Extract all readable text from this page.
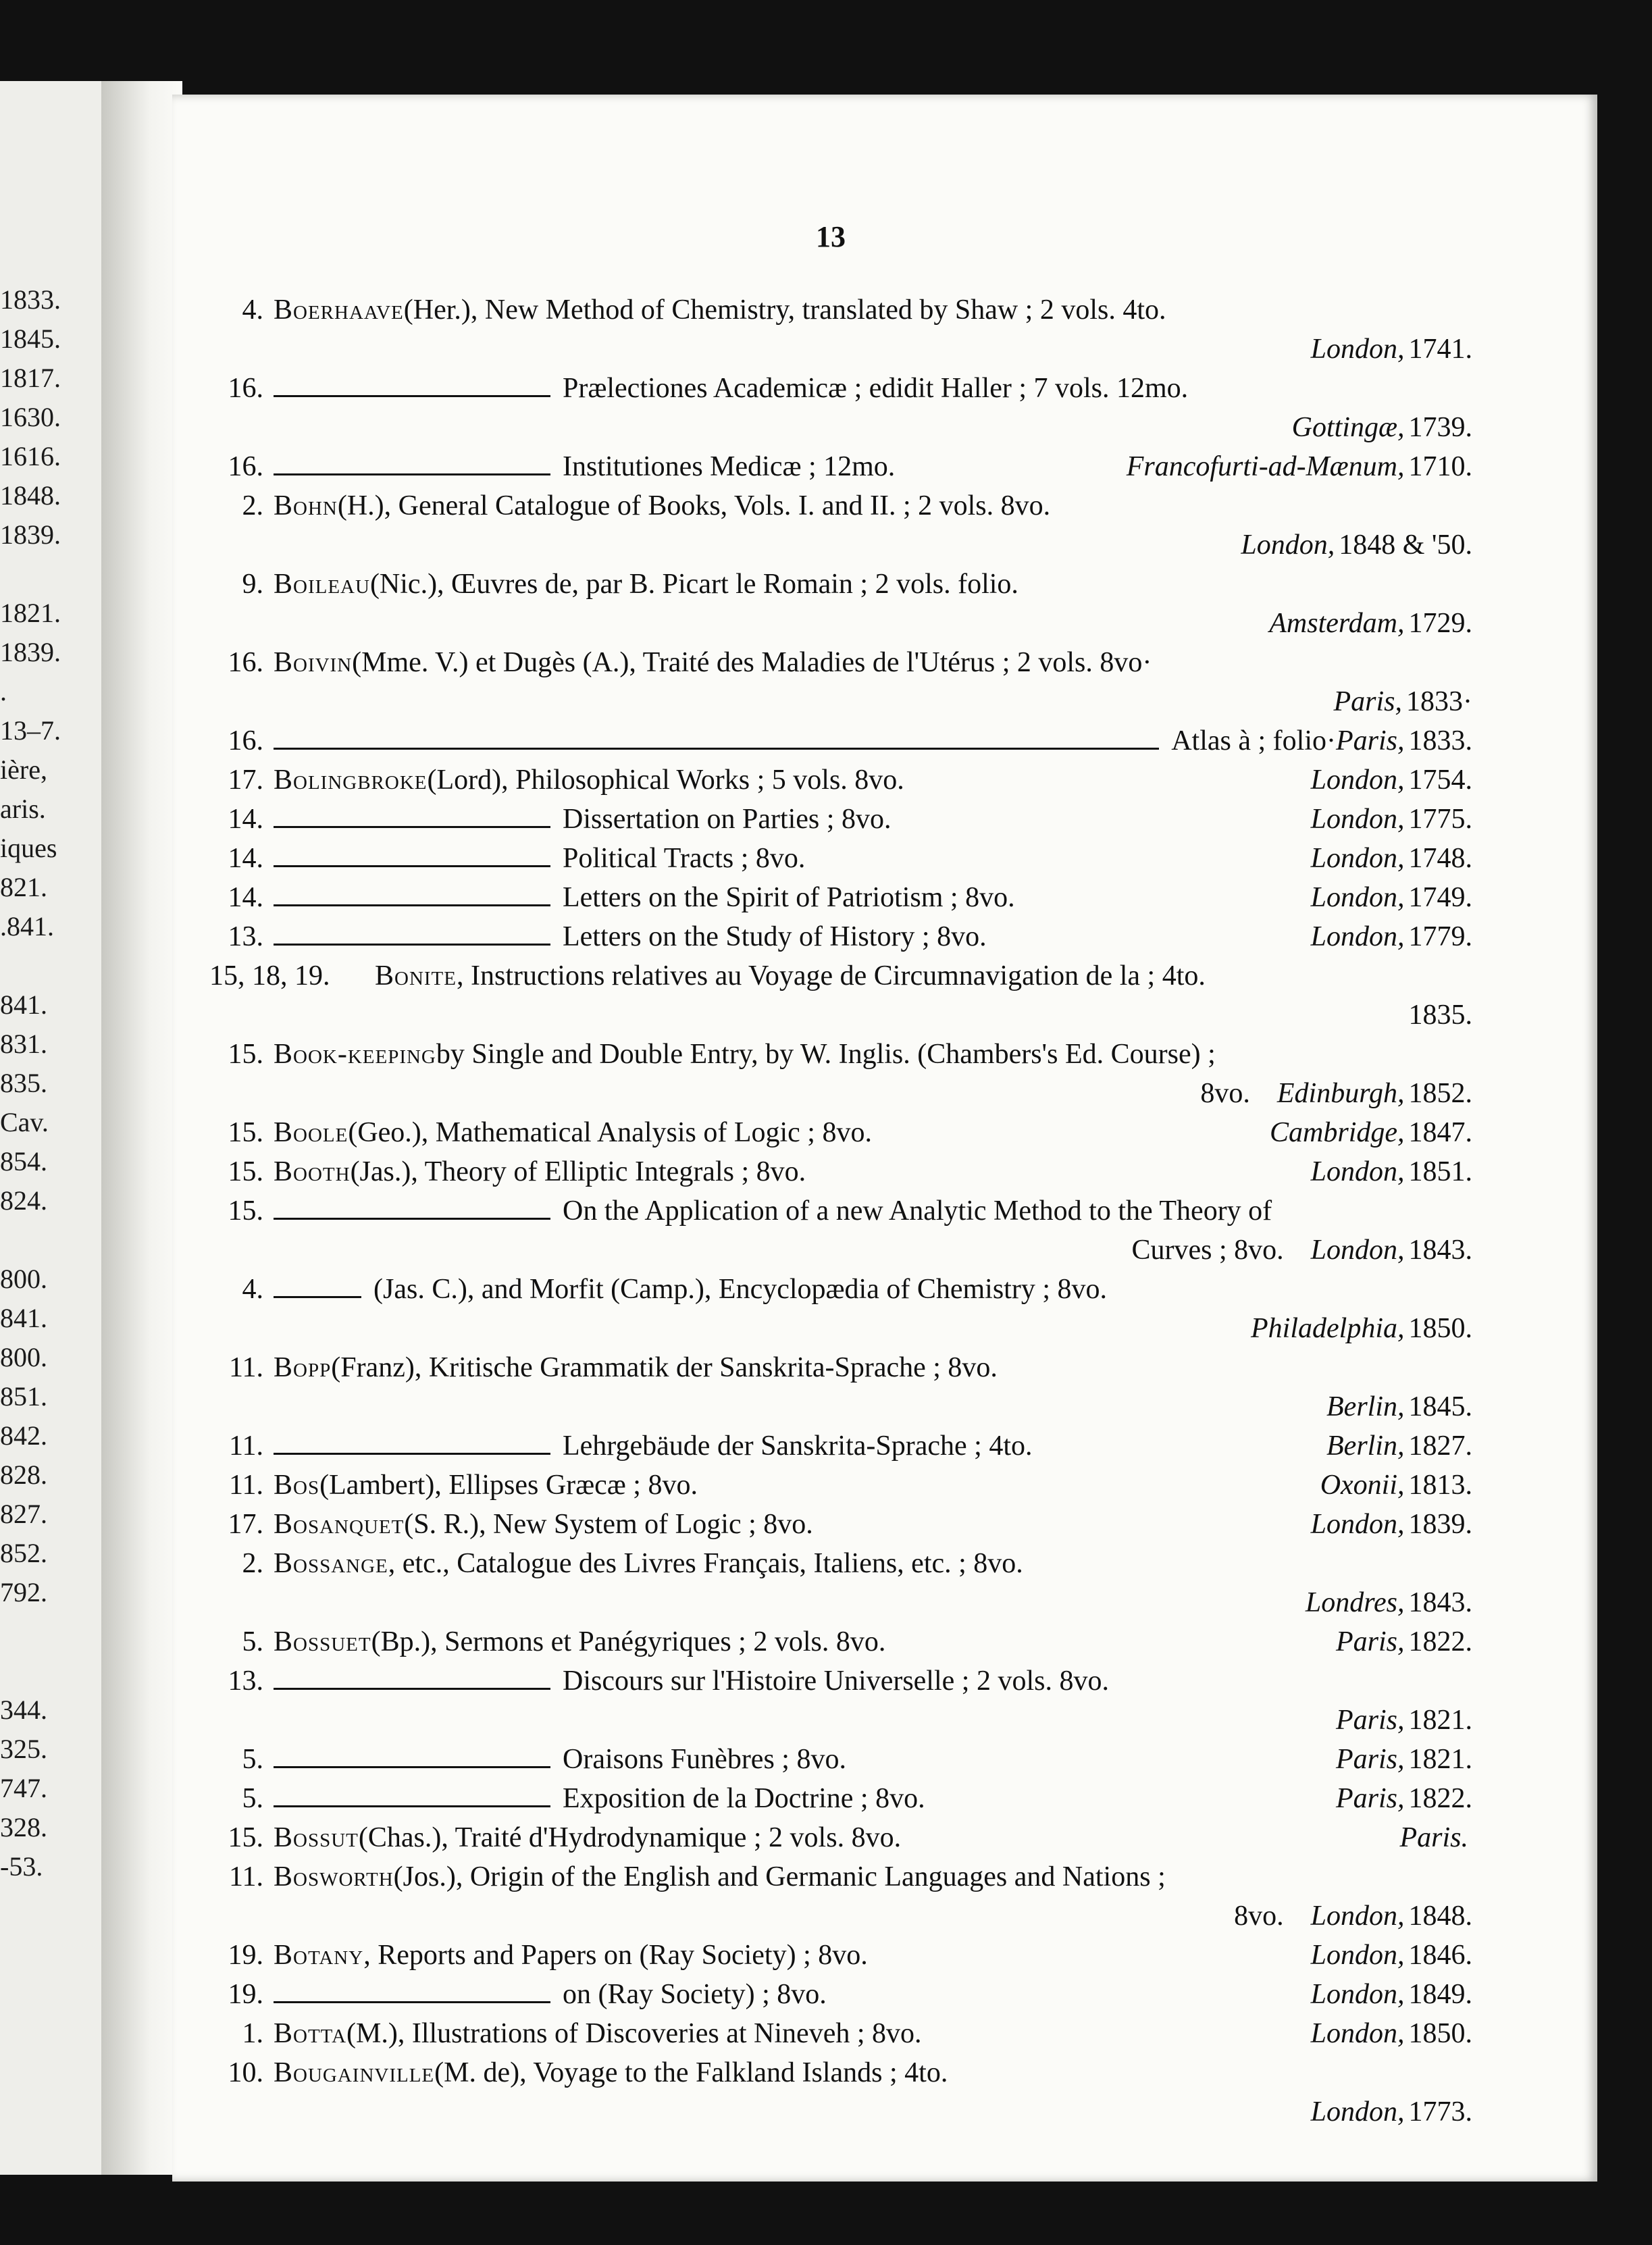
1833.
1845.
1817.
1630.
1616.
1848.
1839.
1821.
1839.
.
13–7.
ière,
aris.
iques
821.
.841.
841.
831.
835.
Cav.
854.
824.
800.
841.
800.
851.
842.
828.
827.
852.
792.
344.
325.
747.
328.
-53.
13
4. Boerhaave (Her.), New Method of Chemistry, translated by Shaw ; 2 vols. 4to.
London, 1741.
16.	Prælectiones Academicæ ; edidit Haller ; 7 vols. 12mo.
Gottingæ, 1739.
16.	Institutiones Medicæ ; 12mo.	Francofurti-ad-Mænum, 1710.
2. Bohn (H.), General Catalogue of Books, Vols. I. and II. ; 2 vols. 8vo.
London, 1848 & '50.
9. Boileau (Nic.), Œuvres de, par B. Picart le Romain ; 2 vols. folio.
Amsterdam, 1729.
16. Boivin (Mme. V.) et Dugès (A.), Traité des Maladies de l'Utérus ; 2 vols. 8vo·
Paris, 1833·
16.	Atlas à ; folio· Paris, 1833.
17. Bolingbroke (Lord), Philosophical Works ; 5 vols. 8vo.	London, 1754.
14.	Dissertation on Parties ; 8vo.	London, 1775.
14.	Political Tracts ; 8vo.	London, 1748.
14.	Letters on the Spirit of Patriotism ; 8vo.	London, 1749.
13.	Letters on the Study of History ; 8vo.	London, 1779.
15, 18, 19.	Bonite , Instructions relatives au Voyage de Circumnavigation de la ; 4to.
1835.
15. Book-keeping by Single and Double Entry, by W. Inglis. (Chambers's Ed. Course) ;
8vo. Edinburgh, 1852.
15. Boole (Geo.), Mathematical Analysis of Logic ; 8vo.	Cambridge, 1847.
15. Booth (Jas.), Theory of Elliptic Integrals ; 8vo.	London, 1851.
15.	On the Application of a new Analytic Method to the Theory of
Curves ; 8vo. London, 1843.
4.	(Jas. C.), and Morfit (Camp.), Encyclopædia of Chemistry ; 8vo.
Philadelphia, 1850.
11. Bopp (Franz), Kritische Grammatik der Sanskrita-Sprache ; 8vo.
Berlin, 1845.
11.	Lehrgebäude der Sanskrita-Sprache ; 4to.	Berlin, 1827.
11. Bos (Lambert), Ellipses Græcæ ; 8vo.	Oxonii, 1813.
17. Bosanquet (S. R.), New System of Logic ; 8vo.	London, 1839.
2. Bossange , etc., Catalogue des Livres Français, Italiens, etc. ; 8vo.
Londres, 1843.
5. Bossuet (Bp.), Sermons et Panégyriques ; 2 vols. 8vo.	Paris, 1822.
13.	Discours sur l'Histoire Universelle ; 2 vols. 8vo.
Paris, 1821.
5.	Oraisons Funèbres ; 8vo.	Paris, 1821.
5.	Exposition de la Doctrine ; 8vo.	Paris, 1822.
15. Bossut (Chas.), Traité d'Hydrodynamique ; 2 vols. 8vo.	Paris.
11. Bosworth (Jos.), Origin of the English and Germanic Languages and Nations ;
8vo. London, 1848.
19. Botany , Reports and Papers on (Ray Society) ; 8vo.	London, 1846.
19.	on (Ray Society) ; 8vo.	London, 1849.
1. Botta (M.), Illustrations of Discoveries at Nineveh ; 8vo.	London, 1850.
10. Bougainville (M. de), Voyage to the Falkland Islands ; 4to.
London, 1773.
